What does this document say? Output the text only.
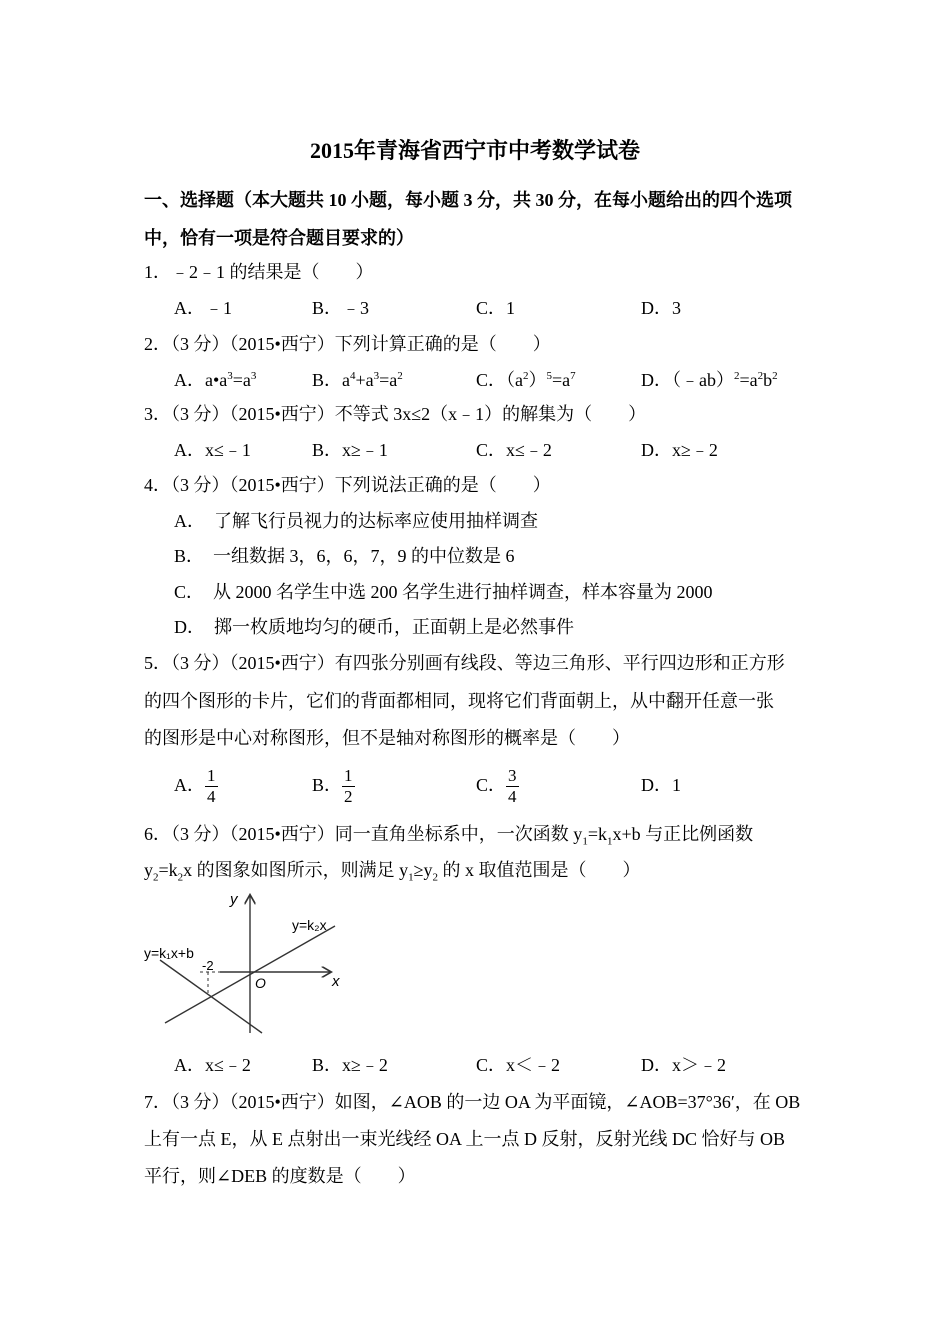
2015年青海省西宁市中考数学试卷
一、选择题（本大题共 10 小题，每小题 3 分，共 30 分，在每小题给出的四个选项
中，恰有一项是符合题目要求的）
1．﹣2﹣1 的结果是（　　）
A．﹣1	B．﹣3	C．1	D．3
2．（3 分）（2015•西宁）下列计算正确的是（　　）
A．$a•a^3=a^3$	B．$a^4+a^3=a^2$	C．$(a^2)^5=a^7$	D．$(﹣ab)^2=a^2b^2$
3．（3 分）（2015•西宁）不等式 3x≤2（x﹣1）的解集为（　　）
A．x≤﹣1	B．x≥﹣1	C．x≤﹣2	D．x≥﹣2
4．（3 分）（2015•西宁）下列说法正确的是（　　）
A．　了解飞行员视力的达标率应使用抽样调查
B．　一组数据 3，6，6，7，9 的中位数是 6
C．　从 2000 名学生中选 200 名学生进行抽样调查，样本容量为 2000
D．　掷一枚质地均匀的硬币，正面朝上是必然事件
5．（3 分）（2015•西宁）有四张分别画有线段、等边三角形、平行四边形和正方形
的四个图形的卡片，它们的背面都相同，现将它们背面朝上，从中翻开任意一张
的图形是中心对称图形，但不是轴对称图形的概率是（　　）
A． $\frac{1}{4}$	B． $\frac{1}{2}$	C． $\frac{3}{4}$	D．1
6．（3 分）（2015•西宁）同一直角坐标系中，一次函数 $y_1=k_1x+b$ 与正比例函数
$y_2=k_2x$ 的图象如图所示，则满足 $y_1\ge y_2$ 的 x 取值范围是（　　）
y
x
O
y=k₂x
y=k₁x+b
-2
A．x≤﹣2	B．x≥﹣2	C．x＜﹣2	D．x＞﹣2
7．（3 分）（2015•西宁）如图，∠AOB 的一边 OA 为平面镜，∠AOB=37°36′，在 OB
上有一点 E，从 E 点射出一束光线经 OA 上一点 D 反射，反射光线 DC 恰好与 OB
平行，则∠DEB 的度数是（　　）
